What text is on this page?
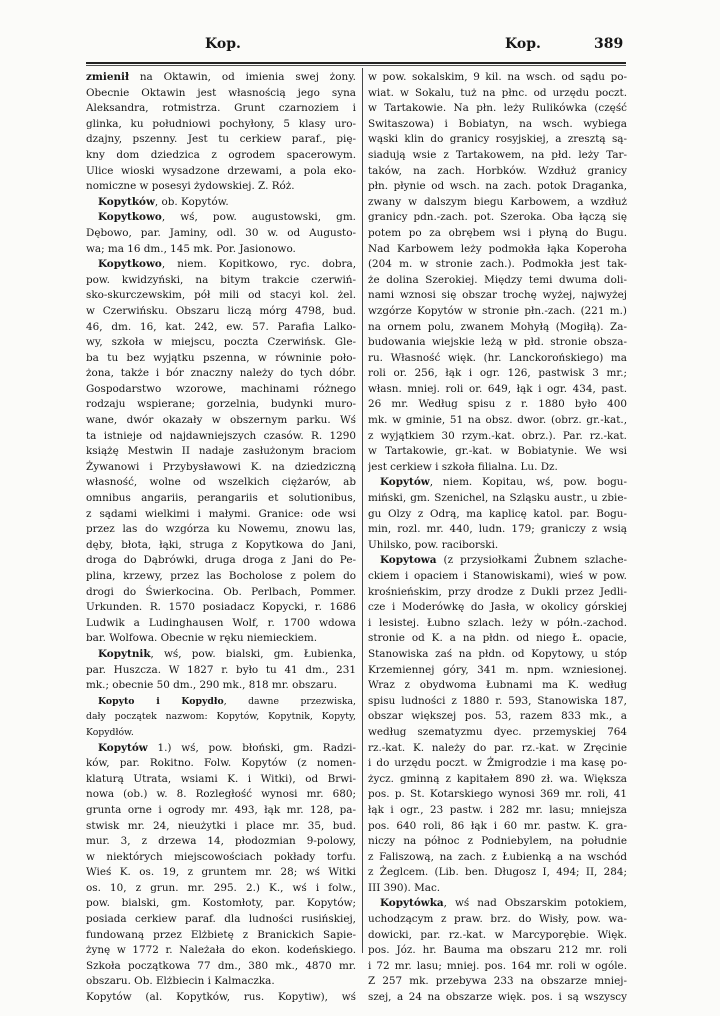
Kop.	Kop.	389
zmienił na Oktawin, od imienia swej żony.
Obecnie Oktawin jest własnością jego syna
Aleksandra, rotmistrza. Grunt czarnoziem i
glinka, ku południowi pochyłony, 5 klasy uro-
dzajny, pszenny. Jest tu cerkiew paraf., pię-
kny dom dziedzica z ogrodem spacerowym.
Ulice wioski wysadzone drzewami, a pola eko-
nomiczne w posesyi żydowskiej. Z. Róż.
Kopytków, ob. Kopytów.
Kopytkowo, wś, pow. augustowski, gm.
Dębowo, par. Jaminy, odl. 30 w. od Augusto-
wa; ma 16 dm., 145 mk. Por. Jasionowo.
Kopytkowo, niem. Kopitkowo, ryc. dobra,
pow. kwidzyński, na bitym trakcie czerwiń-
sko-skurczewskim, pół mili od stacyi kol. żel.
w Czerwińsku. Obszaru liczą mórg 4798, bud.
46, dm. 16, kat. 242, ew. 57. Parafia Lalko-
wy, szkoła w miejscu, poczta Czerwińsk. Gle-
ba tu bez wyjątku pszenna, w równinie poło-
żona, także i bór znaczny należy do tych dóbr.
Gospodarstwo wzorowe, machinami różnego
rodzaju wspierane; gorzelnia, budynki muro-
wane, dwór okazały w obszernym parku. Wś
ta istnieje od najdawniejszych czasów. R. 1290
książę Mestwin II nadaje zasłużonym braciom
Żywanowi i Przybysławowi K. na dziedziczną
własność, wolne od wszelkich ciężarów, ab
omnibus angariis, perangariis et solutionibus,
z sądami wielkimi i małymi. Granice: ode wsi
przez las do wzgórza ku Nowemu, znowu las,
dęby, błota, łąki, struga z Kopytkowa do Jani,
droga do Dąbrówki, druga droga z Jani do Pe-
plina, krzewy, przez las Bocholose z polem do
drogi do Świerkocina. Ob. Perlbach, Pommer.
Urkunden. R. 1570 posiadacz Kopycki, r. 1686
Ludwik a Ludinghausen Wolf, r. 1700 wdowa
bar. Wolfowa. Obecnie w ręku niemieckiem.
Kopytnik, wś, pow. bialski, gm. Łubienka,
par. Huszcza. W 1827 r. było tu 41 dm., 231
mk.; obecnie 50 dm., 290 mk., 818 mr. obszaru.
Kopyto i Kopydło, dawne przezwiska,
dały początek nazwom: Kopytów, Kopytnik, Kopyty,
Kopydłów.
Kopytów 1.) wś, pow. błoński, gm. Radzi-
ków, par. Rokitno. Folw. Kopytów (z nomen-
klaturą Utrata, wsiami K. i Witki), od Brwi-
nowa (ob.) w. 8. Rozległość wynosi mr. 680;
grunta orne i ogrody mr. 493, łąk mr. 128, pa-
stwisk mr. 24, nieużytki i place mr. 35, bud.
mur. 3, z drzewa 14, płodozmian 9-polowy,
w niektórych miejscowościach pokłady torfu.
Wieś K. os. 19, z gruntem mr. 28; wś Witki
os. 10, z grun. mr. 295. 2.) K., wś i folw.,
pow. bialski, gm. Kostomłoty, par. Kopytów;
posiada cerkiew paraf. dla ludności rusińskiej,
fundowaną przez Elżbietę z Branickich Sapie-
żynę w 1772 r. Należała do ekon. kodeńskiego.
Szkoła początkowa 77 dm., 380 mk., 4870 mr.
obszaru. Ob. Elżbiecin i Kalmaczka.
Kopytów (al. Kopytków, rus. Kopytiw), wś
w pow. sokalskim, 9 kil. na wsch. od sądu po-
wiat. w Sokalu, tuż na płnc. od urzędu poczt.
w Tartakowie. Na płn. leży Rulikówka (część
Switaszowa) i Bobiatyn, na wsch. wybiega
wąski klin do granicy rosyjskiej, a zresztą są-
siadują wsie z Tartakowem, na płd. leży Tar-
taków, na zach. Horbków. Wzdłuż granicy
płn. płynie od wsch. na zach. potok Draganka,
zwany w dalszym biegu Karbowem, a wzdłuż
granicy pdn.-zach. pot. Szeroka. Oba łączą się
potem po za obrębem wsi i płyną do Bugu.
Nad Karbowem leży podmokła łąka Koperoha
(204 m. w stronie zach.). Podmokła jest tak-
że dolina Szerokiej. Między temi dwuma doli-
nami wznosi się obszar trochę wyżej, najwyżej
wzgórze Kopytów w stronie płn.-zach. (221 m.)
na ornem polu, zwanem Mohyłą (Mogiłą). Za-
budowania wiejskie leżą w płd. stronie obsza-
ru. Własność więk. (hr. Lanckorońskiego) ma
roli or. 256, łąk i ogr. 126, pastwisk 3 mr.;
własn. mniej. roli or. 649, łąk i ogr. 434, past.
26 mr. Według spisu z r. 1880 było 400
mk. w gminie, 51 na obsz. dwor. (obrz. gr.-kat.,
z wyjątkiem 30 rzym.-kat. obrz.). Par. rz.-kat.
w Tartakowie, gr.-kat. w Bobiatynie. We wsi
jest cerkiew i szkoła filialna. Lu. Dz.
Kopytów, niem. Kopitau, wś, pow. bogu-
miński, gm. Szenichel, na Szląsku austr., u zbie-
gu Olzy z Odrą, ma kaplicę katol. par. Bogu-
min, rozl. mr. 440, ludn. 179; graniczy z wsią
Uhilsko, pow. raciborski.
Kopytowa (z przysiołkami Żubnem szlache-
ckiem i opaciem i Stanowiskami), wieś w pow.
krośnieńskim, przy drodze z Dukli przez Jedli-
cze i Moderówkę do Jasła, w okolicy górskiej
i lesistej. Łubno szlach. leży w półn.-zachod.
stronie od K. a na płdn. od niego Ł. opacie,
Stanowiska zaś na płdn. od Kopytowy, u stóp
Krzemiennej góry, 341 m. npm. wzniesionej.
Wraz z obydwoma Łubnami ma K. według
spisu ludności z 1880 r. 593, Stanowiska 187,
obszar większej pos. 53, razem 833 mk., a
według szematyzmu dyec. przemyskiej 764
rz.-kat. K. należy do par. rz.-kat. w Zręcinie
i do urzędu poczt. w Żmigrodzie i ma kasę po-
życz. gminną z kapitałem 890 zł. wa. Większa
pos. p. St. Kotarskiego wynosi 369 mr. roli, 41
łąk i ogr., 23 pastw. i 282 mr. lasu; mniejsza
pos. 640 roli, 86 łąk i 60 mr. pastw. K. gra-
niczy na północ z Podniebylem, na południe
z Faliszową, na zach. z Łubienką a na wschód
z Żeglcem. (Lib. ben. Długosz I, 494; II, 284;
III 390). Mac.
Kopytówka, wś nad Obszarskim potokiem,
uchodzącym z praw. brz. do Wisły, pow. wa-
dowicki, par. rz.-kat. w Marcyporębie. Więk.
pos. Józ. hr. Bauma ma obszaru 212 mr. roli
i 72 mr. lasu; mniej. pos. 164 mr. roli w ogóle.
Z 257 mk. przebywa 233 na obszarze mniej-
szej, a 24 na obszarze więk. pos. i są wszyscy
